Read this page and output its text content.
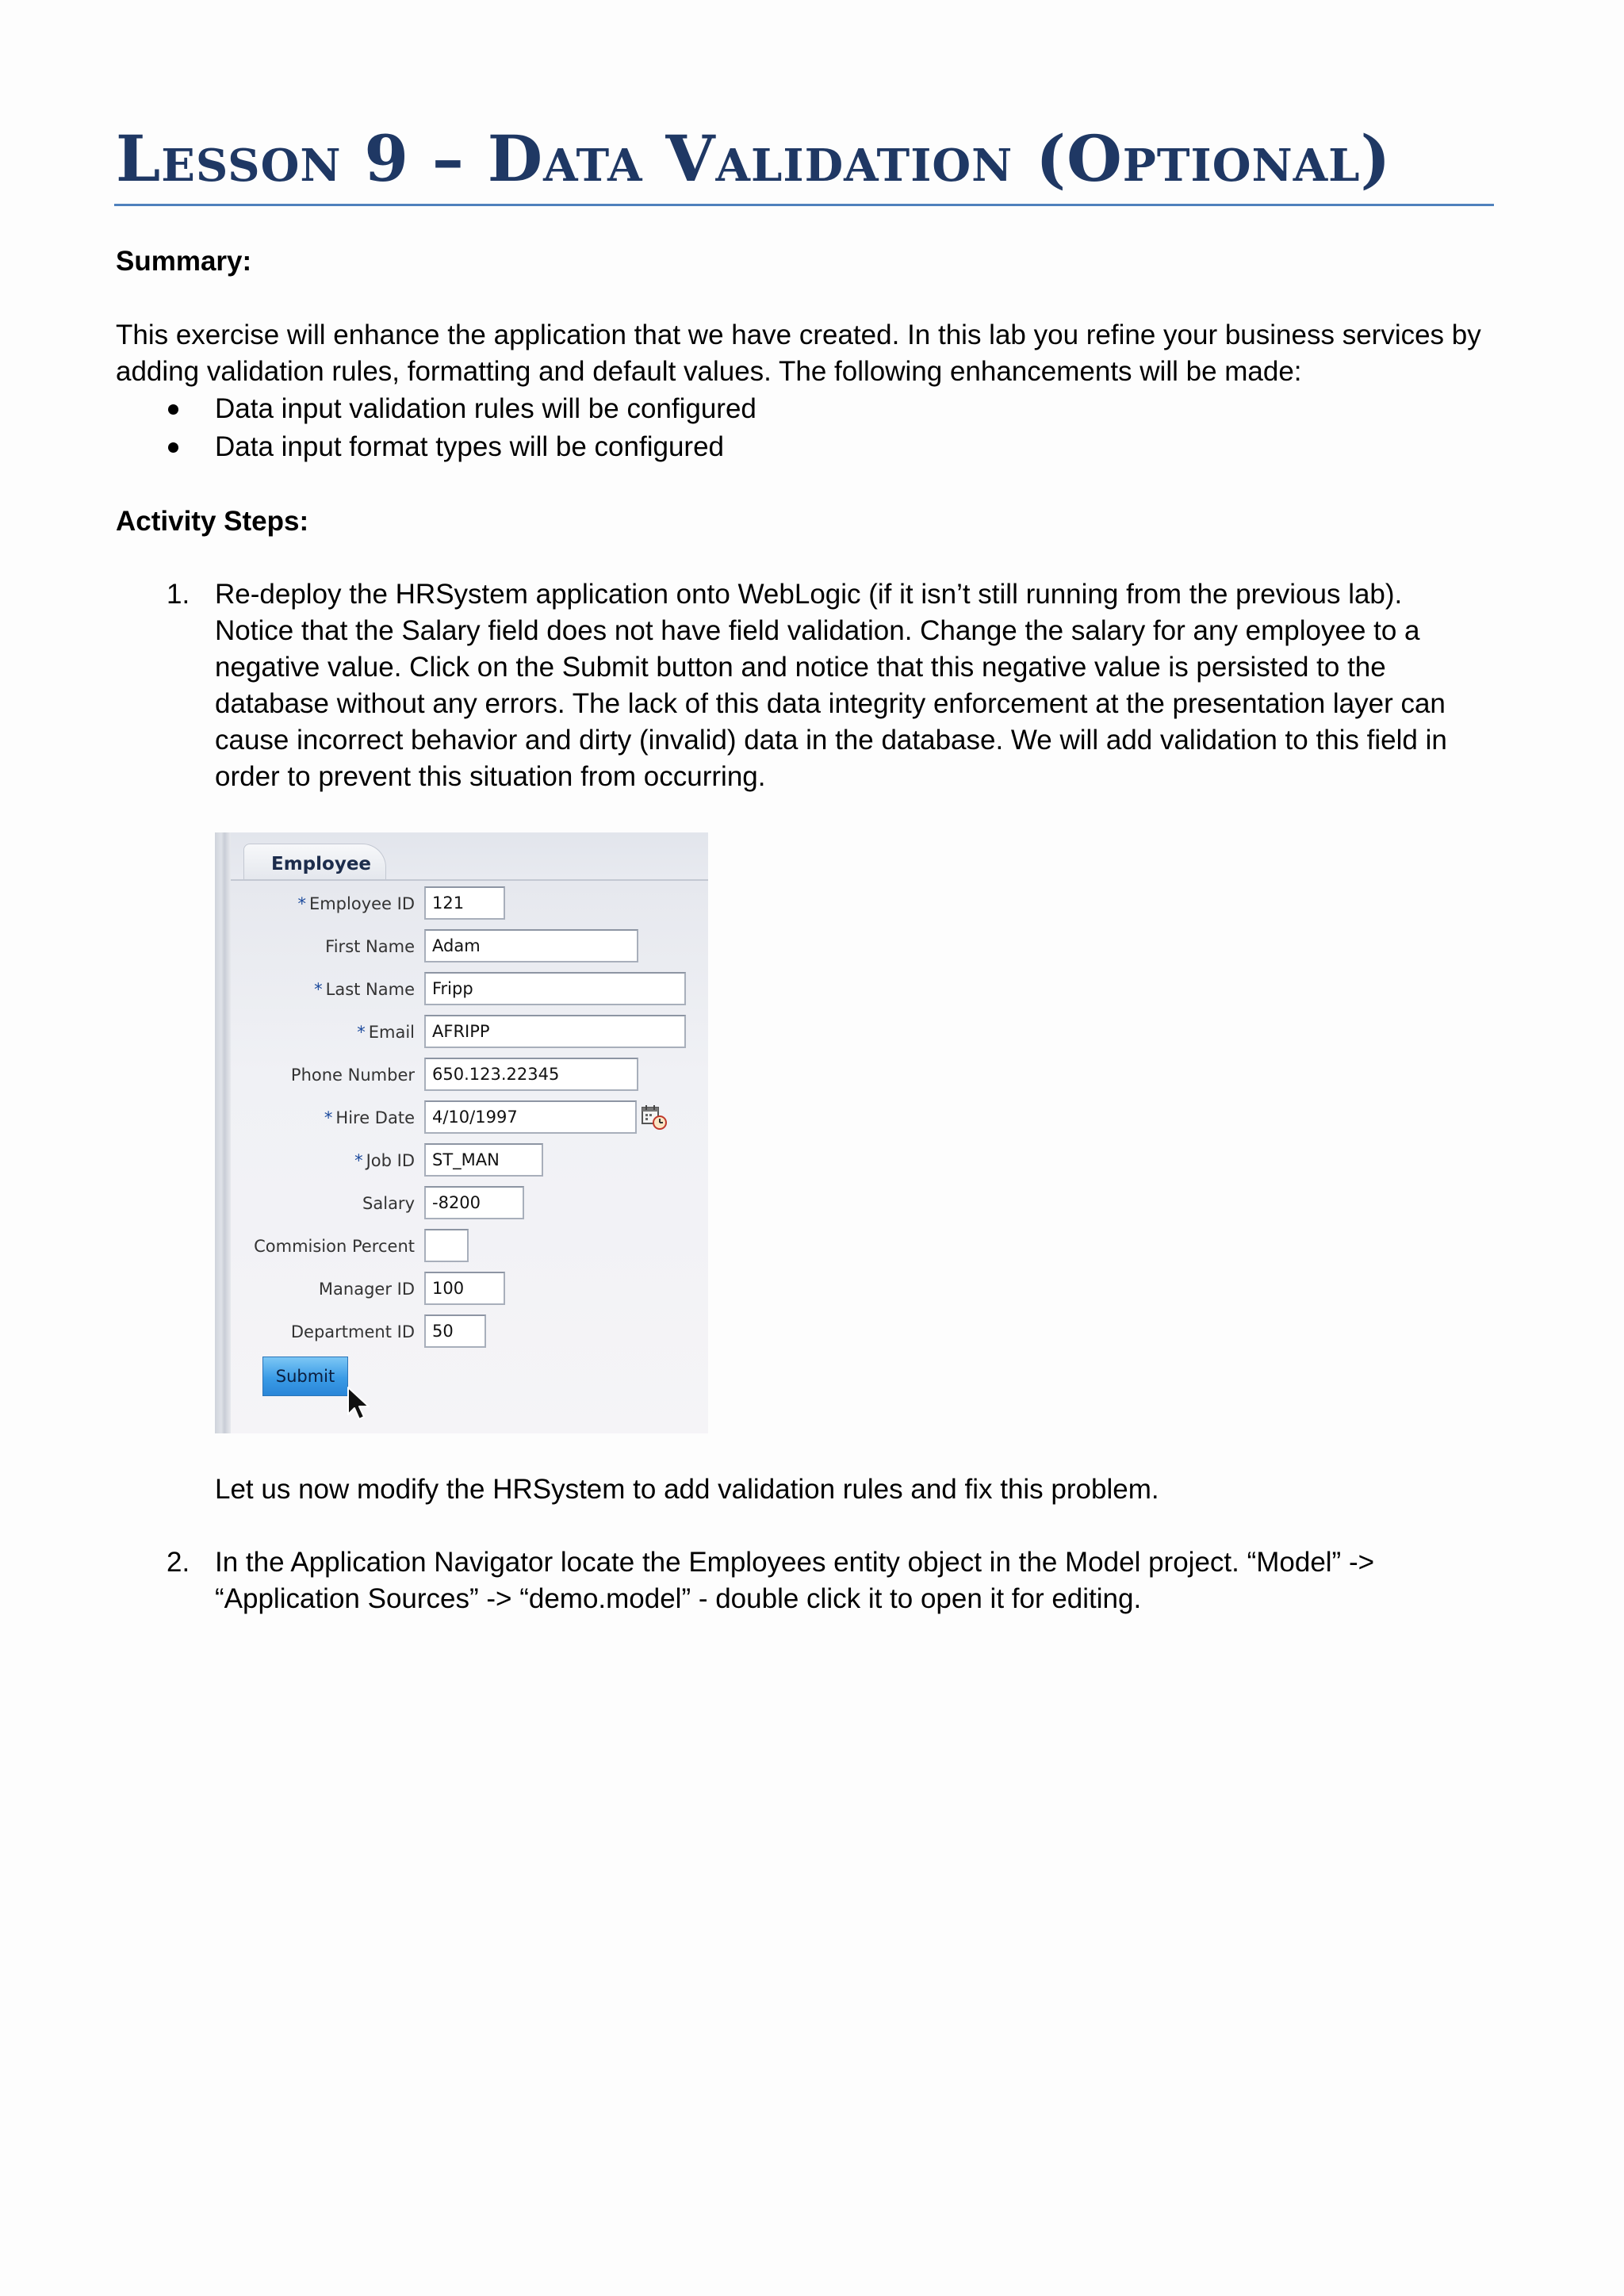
LESSON 9 – DATA VALIDATION (OPTIONAL)
Summary:
This exercise will enhance the application that we have created. In this lab you refine your business services by
adding validation rules, formatting and default values. The following enhancements will be made:
Data input validation rules will be configured
Data input format types will be configured
Activity Steps:
1. Re-deploy the HRSystem application onto WebLogic (if it isn’t still running from the previous lab).
Notice that the Salary field does not have field validation. Change the salary for any employee to a
negative value. Click on the Submit button and notice that this negative value is persisted to the
database without any errors. The lack of this data integrity enforcement at the presentation layer can
cause incorrect behavior and dirty (invalid) data in the database. We will add validation to this field in
order to prevent this situation from occurring.
Employee
* Employee ID	121
First Name	Adam
* Last Name	Fripp
* Email	AFRIPP
Phone Number	650.123.22345
* Hire Date	4/10/1997
* Job ID	ST_MAN
Salary	-8200
Commision Percent
Manager ID	100
Department ID	50
Submit
Let us now modify the HRSystem to add validation rules and fix this problem.
2. In the Application Navigator locate the Employees entity object in the Model project. “Model” ->
“Application Sources” -> “demo.model” - double click it to open it for editing.
